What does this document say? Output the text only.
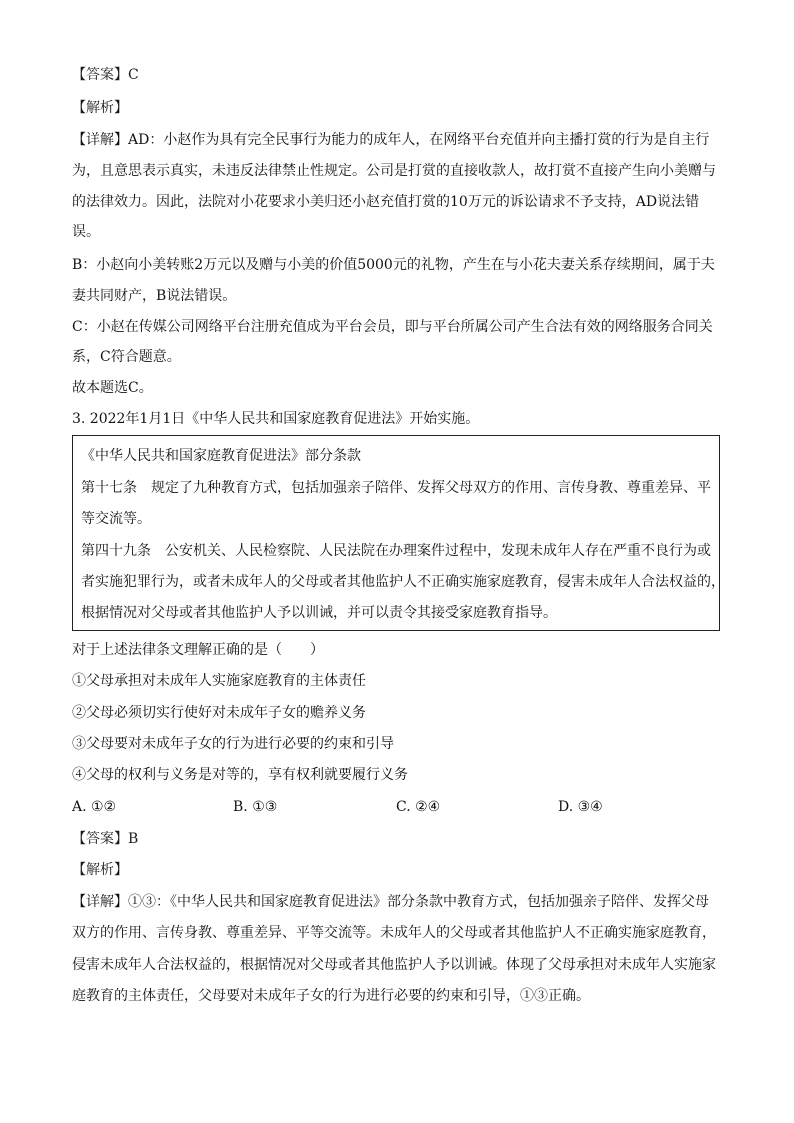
【答案】C
【解析】
【详解】AD：小赵作为具有完全民事行为能力的成年人，在网络平台充值并向主播打赏的行为是自主行
为，且意思表示真实，未违反法律禁止性规定。公司是打赏的直接收款人，故打赏不直接产生向小美赠与
的法律效力。因此，法院对小花要求小美归还小赵充值打赏的10万元的诉讼请求不予支持，AD说法错
误。
B：小赵向小美转账2万元以及赠与小美的价值5000元的礼物，产生在与小花夫妻关系存续期间，属于夫
妻共同财产，B说法错误。
C：小赵在传媒公司网络平台注册充值成为平台会员，即与平台所属公司产生合法有效的网络服务合同关
系，C符合题意。
故本题选C。
3. 2022年1月1日《中华人民共和国家庭教育促进法》开始实施。
《中华人民共和国家庭教育促进法》部分条款
第十七条　规定了九种教育方式，包括加强亲子陪伴、发挥父母双方的作用、言传身教、尊重差异、平
等交流等。
第四十九条　公安机关、人民检察院、人民法院在办理案件过程中，发现未成年人存在严重不良行为或
者实施犯罪行为，或者未成年人的父母或者其他监护人不正确实施家庭教育，侵害未成年人合法权益的，
根据情况对父母或者其他监护人予以训诫，并可以责令其接受家庭教育指导。
对于上述法律条文理解正确的是（　　）
①父母承担对未成年人实施家庭教育的主体责任
②父母必须切实行使好对未成年子女的赡养义务
③父母要对未成年子女的行为进行必要的约束和引导
④父母的权利与义务是对等的，享有权利就要履行义务
A. ①②	B. ①③	C. ②④	D. ③④
【答案】B
【解析】
【详解】①③：《中华人民共和国家庭教育促进法》部分条款中教育方式，包括加强亲子陪伴、发挥父母
双方的作用、言传身教、尊重差异、平等交流等。未成年人的父母或者其他监护人不正确实施家庭教育，
侵害未成年人合法权益的，根据情况对父母或者其他监护人予以训诫。体现了父母承担对未成年人实施家
庭教育的主体责任，父母要对未成年子女的行为进行必要的约束和引导，①③正确。
